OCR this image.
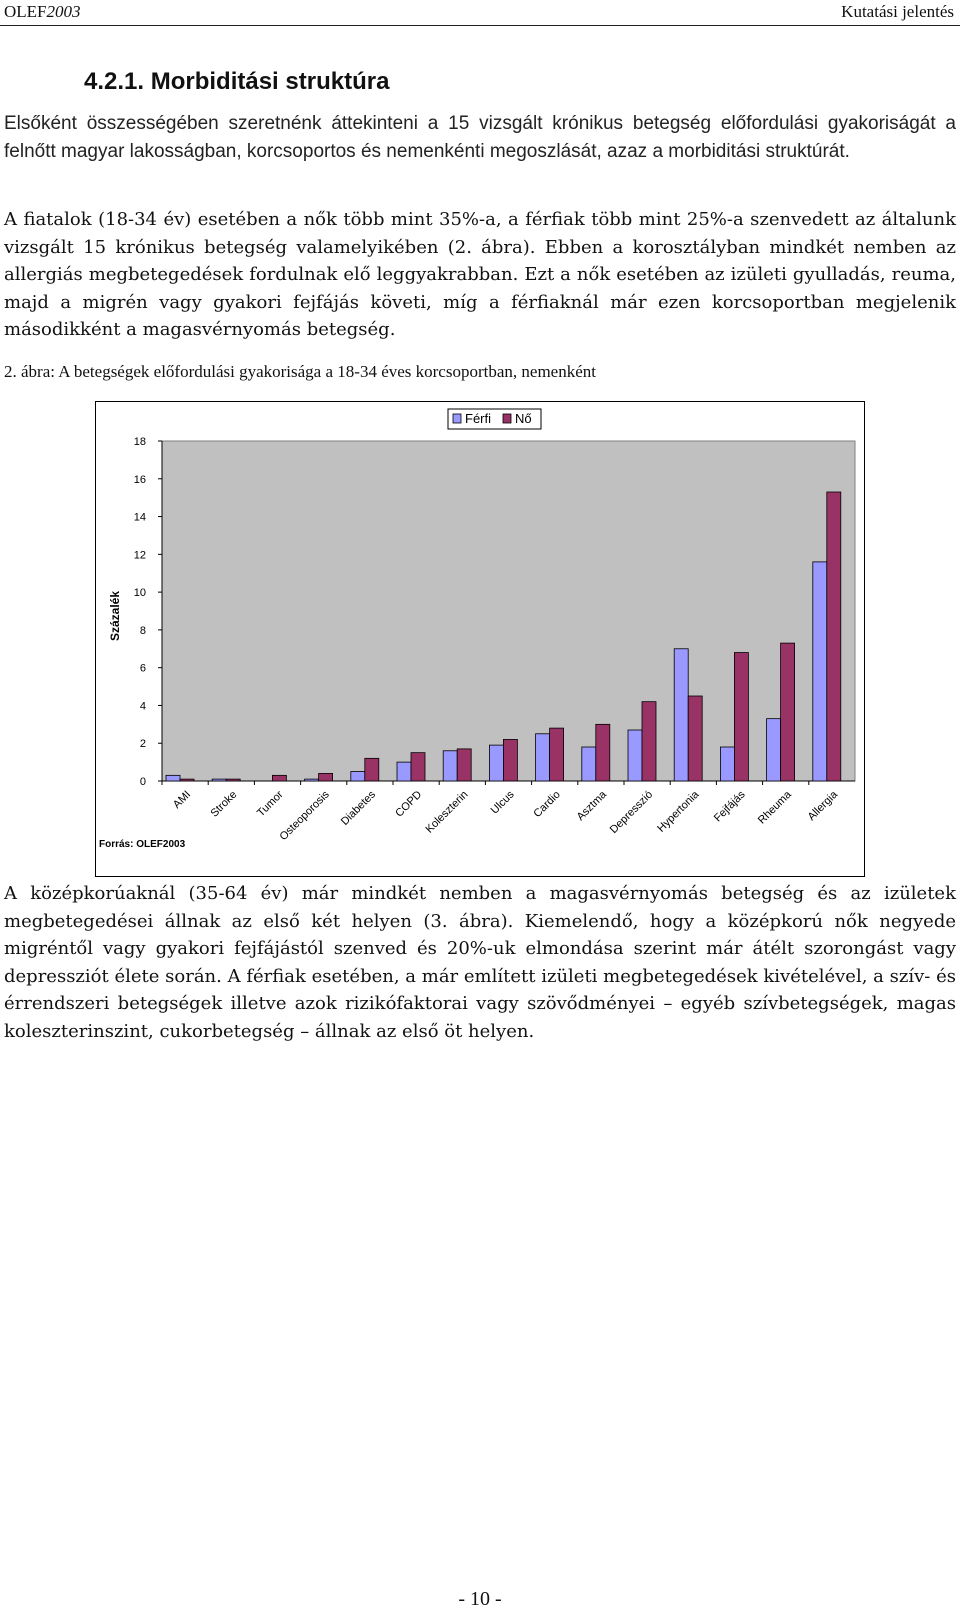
OLEF2003	Kutatási jelentés
4.2.1. Morbiditási struktúra
Elsőként összességében szeretnénk áttekinteni a 15 vizsgált krónikus betegség előfordulási gyakoriságát a felnőtt magyar lakosságban, korcsoportos és nemenkénti megoszlását, azaz a morbiditási struktúrát.
A fiatalok (18-34 év) esetében a nők több mint 35%-a, a férfiak több mint 25%-a szenvedett az általunk vizsgált 15 krónikus betegség valamelyikében (2. ábra). Ebben a korosztályban mindkét nemben az allergiás megbetegedések fordulnak elő leggyakrabban. Ezt a nők esetében az izületi gyulladás, reuma, majd a migrén vagy gyakori fejfájás követi, míg a férfiaknál már ezen korcsoportban megjelenik másodikként a magasvérnyomás betegség.
2. ábra: A betegségek előfordulási gyakorisága a 18-34 éves korcsoportban, nemenként
0
2
4
6
8
10
12
14
16
18
Százalék
AMI Stroke Tumor
Osteoporosis Diabetes COPD Koleszterin Ulcus Cardio Asztma
Depresszió Hypertonia Fejfájás Rheuma Allergia
Férfi Nő
Forrás: OLEF2003
A középkorúaknál (35-64 év) már mindkét nemben a magasvérnyomás betegség és az izületek megbetegedései állnak az első két helyen (3. ábra). Kiemelendő, hogy a középkorú nők negyede migréntől vagy gyakori fejfájástól szenved és 20%-uk elmondása szerint már átélt szorongást vagy depressziót élete során. A férfiak esetében, a már említett izületi megbetegedések kivételével, a szív- és érrendszeri betegségek illetve azok rizikófaktorai vagy szövődményei – egyéb szívbetegségek, magas koleszterinszint, cukorbetegség – állnak az első öt helyen.
- 10 -
